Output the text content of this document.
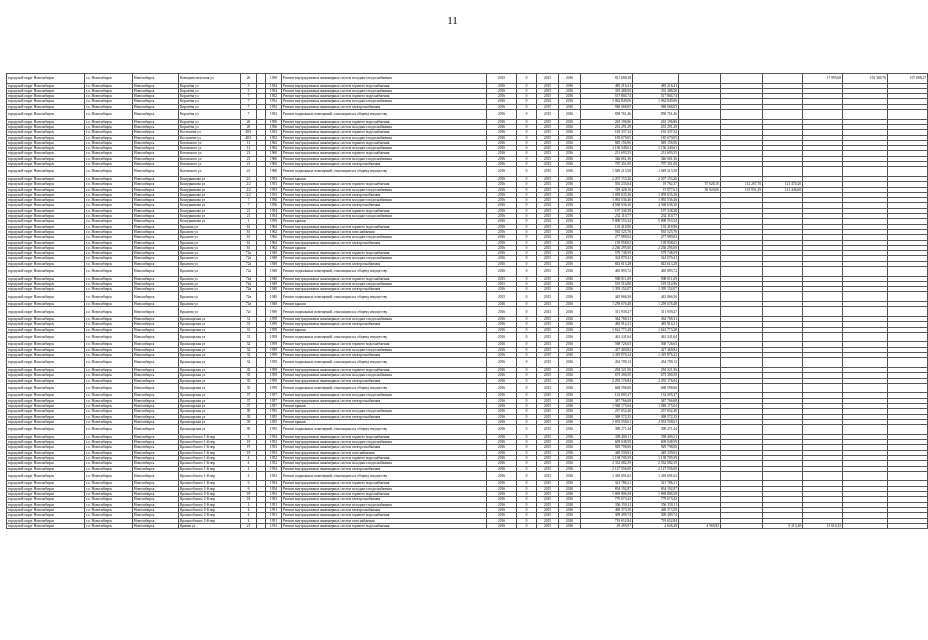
11
городской округ Новосибирск	г.о. Новосибирск	Новосибирск	Коммунистическая ул	26		1958	Ремонт внутридомовых инженерных систем холодного водоснабжения	2015	0	2015	2016	811 698,38					17 995,68	152 300,76	107 008,27
городской округ Новосибирск	г.о. Новосибирск	Новосибирск	Королёва ул	3		1954	Ремонт внутридомовых инженерных систем горячего водоснабжения	2016	0	2015	2016	485 216,41	485 216,41						
городской округ Новосибирск	г.о. Новосибирск	Новосибирск	Королёва ул	5		1954	Ремонт внутридомовых инженерных систем холодного водоснабжения	2016	0	2015	2016	355 488,56	355 488,56						
городской округ Новосибирск	г.о. Новосибирск	Новосибирск	Королёва ул	7		1952	Ремонт внутридомовых инженерных систем горячего водоснабжения	2016	0	2015	2016	517 804,74	517 804,74						
городской округ Новосибирск	г.о. Новосибирск	Новосибирск	Королёва ул	7		1952	Ремонт внутридомовых инженерных систем холодного водоснабжения	2016	0	2015	2016	1 062 849,06	1 062 849,06						
городской округ Новосибирск	г.о. Новосибирск	Новосибирск	Королёва ул	7		1952	Ремонт внутридомовых инженерных систем электроснабжения	2016	0	2015	2016	948 068,05	948 068,05						
городской округ Новосибирск	г.о. Новосибирск	Новосибирск	Королёва ул	7		1952	Ремонт подвальных помещений, относящихся к общему имуществу	2016	0	2015	2016	858 761,46	858 761,46						
городской округ Новосибирск	г.о. Новосибирск	Новосибирск	Королёва ул	26		1956	Ремонт внутридомовых инженерных систем горячего водоснабжения	2016	0	2015	2016	263 196,86	263 196,86						
городской округ Новосибирск	г.о. Новосибирск	Новосибирск	Королёва ул	26		1956	Ремонт внутридомовых инженерных систем холодного водоснабжения	2016	0	2015	2016	233 291,29	233 291,29						
городской округ Новосибирск	г.о. Новосибирск	Новосибирск	Костычева ул	48/1		1952	Ремонт внутридомовых инженерных систем горячего водоснабжения	2016	0	2015	2016	163 337,32	163 337,32						
городской округ Новосибирск	г.о. Новосибирск	Новосибирск	Костычева ул	48/1		1952	Ремонт внутридомовых инженерных систем холодного водоснабжения	2016	0	2015	2016	185 679,05	185 679,05						
городской округ Новосибирск	г.о. Новосибирск	Новосибирск	Котовского ул	13		1962	Ремонт внутридомовых инженерных систем горячего водоснабжения	2016	0	2015	2016	949 156,96	949 156,96						
городской округ Новосибирск	г.о. Новосибирск	Новосибирск	Котовского ул	13		1962	Ремонт внутридомовых инженерных систем холодного водоснабжения	2016	0	2015	2016	1 156 349,61	1 156 349,61						
городской округ Новосибирск	г.о. Новосибирск	Новосибирск	Котовского ул	21		1960	Ремонт внутридомовых инженерных систем горячего водоснабжения	2016	0	2015	2016	231 693,55	231 693,55						
городской округ Новосибирск	г.о. Новосибирск	Новосибирск	Котовского ул	21		1960	Ремонт внутридомовых инженерных систем холодного водоснабжения	2016	0	2015	2016	346 061,36	346 061,36						
городской округ Новосибирск	г.о. Новосибирск	Новосибирск	Котовского ул	21		1960	Ремонт внутридомовых инженерных систем электроснабжения	2016	0	2015	2016	797 351,00	797 351,00						
городской округ Новосибирск	г.о. Новосибирск	Новосибирск	Котовского ул	21		1960	Ремонт подвальных помещений, относящихся к общему имуществу	2016	0	2015	2016	1 049 213,58	1 049 213,58						
городской округ Новосибирск	г.о. Новосибирск	Новосибирск	Кошурникова ул	2/1		1953	Ремонт крыши	2016	0	2015	2016	2 207 153,26	2 207 153,26						
городской округ Новосибирск	г.о. Новосибирск	Новосибирск	Кошурникова ул	2/2		1953	Ремонт внутридомовых инженерных систем горячего водоснабжения	2016	0	2015	2016	592 235,64	19 762,37	57 628,10	112 267,70	121 470,20			
городской округ Новосибирск	г.о. Новосибирск	Новосибирск	Кошурникова ул	2/2		1953	Ремонт внутридомовых инженерных систем холодного водоснабжения	2016	0	2015	2016	319 428,16	15 977,61	56 920,06	115 951,29	121 446,68			
городской округ Новосибирск	г.о. Новосибирск	Новосибирск	Кошурникова ул	2/2		1953	Ремонт внутридомовых инженерных систем электроснабжения	2016	0	2015	2016	1 059 635,36	1 059 635,36						
городской округ Новосибирск	г.о. Новосибирск	Новосибирск	Кошурникова ул	7		1956	Ремонт внутридомовых инженерных систем холодного водоснабжения	2016	0	2015	2016	1 092 536,46	1 092 536,46						
городской округ Новосибирск	г.о. Новосибирск	Новосибирск	Кошурникова ул	7		1956	Ремонт внутридомовых инженерных систем электроснабжения	2016	0	2015	2016	4 568 636,36	4 568 636,36						
городской округ Новосибирск	г.о. Новосибирск	Новосибирск	Кошурникова ул	21		1954	Ремонт внутридомовых инженерных систем горячего водоснабжения	2016	0	2015	2016	197 338,38	197 338,38						
городской округ Новосибирск	г.о. Новосибирск	Новосибирск	Кошурникова ул	21		1954	Ремонт внутридомовых инженерных систем холодного водоснабжения	2016	0	2015	2016	232 110,77	232 110,77						
городской округ Новосибирск	г.о. Новосибирск	Новосибирск	Кошурникова ул	1		1959	Ремонт крыши	2016	0	2015	2016	5 808 553,34	5 808 553,34						
городской округ Новосибирск	г.о. Новосибирск	Новосибирск	Крылова ул	61		1962	Ремонт внутридомовых инженерных систем горячего водоснабжения	2016	0	2015	2016	135 418,96	135 418,96						
городской округ Новосибирск	г.о. Новосибирск	Новосибирск	Крылова ул	61		1962	Ремонт внутридомовых инженерных систем газоснабжения	2016	0	2015	2016	592 525,76	592 525,76						
городской округ Новосибирск	г.о. Новосибирск	Новосибирск	Крылова ул	61		1962	Ремонт внутридомовых инженерных систем холодного водоснабжения	2016	0	2015	2016	277 989,02	277 989,02						
городской округ Новосибирск	г.о. Новосибирск	Новосибирск	Крылова ул	61		1962	Ремонт внутридомовых инженерных систем электроснабжения	2016	0	2015	2016	139 958,02	139 958,02						
городской округ Новосибирск	г.о. Новосибирск	Новосибирск	Крылова ул	61		1962	Ремонт крыши	2016	0	2015	2016	2 236 295,00	2 236 295,00						
городской округ Новосибирск	г.о. Новосибирск	Новосибирск	Крылова ул	72а		1949	Ремонт внутридомовых инженерных систем горячего водоснабжения	2016	0	2015	2016	579 748,59	579 748,59						
городской округ Новосибирск	г.о. Новосибирск	Новосибирск	Крылова ул	72а		1949	Ремонт внутридомовых инженерных систем холодного водоснабжения	2016	0	2015	2016	324 079,41	324 079,41						
городской округ Новосибирск	г.о. Новосибирск	Новосибирск	Крылова ул	72а		1949	Ремонт внутридомовых инженерных систем электроснабжения	2016	0	2015	2016	843 613,28	843 613,28						
городской округ Новосибирск	г.о. Новосибирск	Новосибирск	Крылова ул	72а		1949	Ремонт подвальных помещений, относящихся к общему имуществу	2016	0	2015	2016	465 893,72	465 893,72						
городской округ Новосибирск	г.о. Новосибирск	Новосибирск	Крылова ул	72в		1949	Ремонт внутридомовых инженерных систем горячего водоснабжения	2015	0	2015	2016	908 011,69	908 011,69						
городской округ Новосибирск	г.о. Новосибирск	Новосибирск	Крылова ул	72в		1949	Ремонт внутридомовых инженерных систем холодного водоснабжения	2015	0	2015	2016	519 514,96	519 514,96						
городской округ Новосибирск	г.о. Новосибирск	Новосибирск	Крылова ул	72в		1949	Ремонт внутридомовых инженерных систем электроснабжения	2016	0	2015	2016	1 395 152,07	1 395 152,07						
городской округ Новосибирск	г.о. Новосибирск	Новосибирск	Крылова ул	72в		1949	Ремонт подвальных помещений, относящихся к общему имуществу	2015	0	2015	2016	445 866,56	445 866,56						
городской округ Новосибирск	г.о. Новосибирск	Новосибирск	Крылова ул	72в		1949	Ремонт крыши	2016	0	2015	2016	1 259 676,48	1 259 676,48						
городской округ Новосибирск	г.о. Новосибирск	Новосибирск	Крылова ул	72г		1950	Ремонт подвальных помещений, относящихся к общему имуществу	2016	0	2015	2016	311 939,27	311 939,27						
городской округ Новосибирск	г.о. Новосибирск	Новосибирск	Красноярская ул	31		1959	Ремонт внутридомовых инженерных систем холодного водоснабжения	2016	0	2015	2016	364 768,31	364 768,31						
городской округ Новосибирск	г.о. Новосибирск	Новосибирск	Красноярская ул	31		1959	Ремонт внутридомовых инженерных систем электроснабжения	2016	0	2015	2016	483 914,21	483 914,21						
городской округ Новосибирск	г.о. Новосибирск	Новосибирск	Красноярская ул	31		1959	Ремонт крыши	2016	0	2015	2016	1 622 773,28	1 622 773,28						
городской округ Новосибирск	г.о. Новосибирск	Новосибирск	Красноярская ул	31		1959	Ремонт подвальных помещений, относящихся к общему имуществу	2016	0	2015	2016	461 241,64	461 241,64						
городской округ Новосибирск	г.о. Новосибирск	Новосибирск	Красноярская ул	32		1959	Ремонт внутридомовых инженерных систем горячего водоснабжения	2016	0	2015	2016	568 726,65	568 726,65						
городской округ Новосибирск	г.о. Новосибирск	Новосибирск	Красноярская ул	32		1959	Ремонт внутридомовых инженерных систем холодного водоснабжения	2016	0	2015	2016	427 469,82	427 469,82						
городской округ Новосибирск	г.о. Новосибирск	Новосибирск	Красноярская ул	32		1959	Ремонт внутридомовых инженерных систем электроснабжения	2016	0	2015	2016	1 419 876,22	1 419 876,22						
городской округ Новосибирск	г.о. Новосибирск	Новосибирск	Красноярская ул	32		1959	Ремонт подвальных помещений, относящихся к общему имуществу	2016	0	2015	2016	434 709,13	434 709,13						
городской округ Новосибирск	г.о. Новосибирск	Новосибирск	Красноярская ул	35		1959	Ремонт внутридомовых инженерных систем горячего водоснабжения	2016	0	2015	2016	294 321,56	294 321,56						
городской округ Новосибирск	г.о. Новосибирск	Новосибирск	Красноярская ул	35		1959	Ремонт внутридомовых инженерных систем холодного водоснабжения	2016	0	2015	2016	675 390,50	675 390,50						
городской округ Новосибирск	г.о. Новосибирск	Новосибирск	Красноярская ул	35		1959	Ремонт внутридомовых инженерных систем электроснабжения	2016	0	2015	2016	2 293 176,84	2 293 176,84						
городской округ Новосибирск	г.о. Новосибирск	Новосибирск	Красноярская ул	35		1959	Ремонт подвальных помещений, относящихся к общему имуществу	2016	0	2015	2016	668 598,68	668 598,68						
городской округ Новосибирск	г.о. Новосибирск	Новосибирск	Красноярская ул	37		1957	Ремонт внутридомовых инженерных систем холодного водоснабжения	2016	0	2015	2016	132 695,27	132 695,27						
городской округ Новосибирск	г.о. Новосибирск	Новосибирск	Красноярская ул	37		1957	Ремонт внутридомовых инженерных систем электроснабжения	2016	0	2015	2016	367 766,68	367 766,68						
городской округ Новосибирск	г.о. Новосибирск	Новосибирск	Красноярская ул	37		1957	Ремонт крыши	2016	0	2015	2016	1 948 175,04	1 948 175,04						
городской округ Новосибирск	г.о. Новосибирск	Новосибирск	Красноярская ул	39		1955	Ремонт внутридомовых инженерных систем холодного водоснабжения	2016	0	2015	2016	237 652,46	237 652,46						
городской округ Новосибирск	г.о. Новосибирск	Новосибирск	Красноярская ул	39		1955	Ремонт внутридомовых инженерных систем электроснабжения	2016	0	2015	2016	369 572,35	369 572,35						
городской округ Новосибирск	г.о. Новосибирск	Новосибирск	Красноярская ул	39		1955	Ремонт крыши	2016	0	2015	2016	2 053 558,61	2 053 558,61						
городской округ Новосибирск	г.о. Новосибирск	Новосибирск	Красноярская ул	39		1955	Ремонт подвальных помещений, относящихся к общему имуществу	2016	0	2015	2016	399 271,44	399 271,44						
городской округ Новосибирск	г.о. Новосибирск	Новосибирск	Краснообского 1-й пер	3		1952	Ремонт внутридомовых инженерных систем горячего водоснабжения	2016	0	2015	2016	358 400,11	358 400,11						
городской округ Новосибирск	г.о. Новосибирск	Новосибирск	Краснообского 1-й пер	19		1952	Ремонт внутридомовых инженерных систем холодного водоснабжения	2016	0	2015	2016	609 048,59	609 048,59						
городской округ Новосибирск	г.о. Новосибирск	Новосибирск	Краснообского 1-й пер	19		1953	Ремонт внутридомовых инженерных систем электроснабжения	2016	0	2015	2016	929 798,06	929 798,06						
городской округ Новосибирск	г.о. Новосибирск	Новосибирск	Краснообского 1-й пер	19		1953	Ремонт внутридомовых инженерных систем газоснабжения	2016	0	2015	2016	449 339,63	449 339,63						
городской округ Новосибирск	г.о. Новосибирск	Новосибирск	Краснообского 1-й пер	4		1952	Ремонт внутридомовых инженерных систем горячего водоснабжения	2016	0	2015	2016	1 138 709,39	1 138 709,39						
городской округ Новосибирск	г.о. Новосибирск	Новосибирск	Краснообского 1-й пер	4		1952	Ремонт внутридомовых инженерных систем холодного водоснабжения	2016	0	2015	2016	2 332 082,59	2 332 082,59						
городской округ Новосибирск	г.о. Новосибирск	Новосибирск	Краснообского 1-й пер	4		1952	Ремонт внутридомовых инженерных систем электроснабжения	2016	0	2015	2016	2 127 556,00	2 127 556,00						
городской округ Новосибирск	г.о. Новосибирск	Новосибирск	Краснообского 1-й пер	4		1952	Ремонт подвальных помещений, относящихся к общему имуществу	2016	0	2015	2016	1 418 691,62	1 418 691,62						
городской округ Новосибирск	г.о. Новосибирск	Новосибирск	Краснообского 1-й пер	6		1954	Ремонт внутридомовых инженерных систем горячего водоснабжения	2016	0	2015	2016	321 786,21	321 786,21						
городской округ Новосибирск	г.о. Новосибирск	Новосибирск	Краснообского 2-й пер	6		1954	Ремонт внутридомовых инженерных систем холодного водоснабжения	2016	0	2015	2016	834 192,87	834 192,87						
городской округ Новосибирск	г.о. Новосибирск	Новосибирск	Краснообского 2-й пер	18		1953	Ремонт внутридомовых инженерных систем горячего водоснабжения	2016	0	2015	2016	1 069 806,58	1 069 806,58						
городской округ Новосибирск	г.о. Новосибирск	Новосибирск	Краснообского 2-й пер	18		1953	Ремонт внутридомовых инженерных систем электроснабжения	2016	0	2015	2016	779 673,42	779 673,42						
городской округ Новосибирск	г.о. Новосибирск	Новосибирск	Краснообского 2-й пер	4		1951	Ремонт внутридомовых инженерных систем холодного водоснабжения	2016	0	2015	2016	356 150,11	356 150,11						
городской округ Новосибирск	г.о. Новосибирск	Новосибирск	Краснообского 2-й пер	4		1951	Ремонт внутридомовых инженерных систем электроснабжения	2016	0	2015	2016	469 373,50	469 373,50						
городской округ Новосибирск	г.о. Новосибирск	Новосибирск	Краснообского 2-й пер	4		1951	Ремонт внутридомовых инженерных систем горячего водоснабжения	2016	0	2015	2016	309 499,74	309 499,74						
городской округ Новосибирск	г.о. Новосибирск	Новосибирск	Краснообского 2-й пер	4		1951	Ремонт внутридомовых инженерных систем газоснабжения	2016	0	2015	2016	719 652,84	719 652,84						
городской округ Новосибирск	г.о. Новосибирск	Новосибирск	Кривая ул	21		1913	Ремонт внутридомовых инженерных систем горячего водоснабжения	2016	0	2015	2016	29 495,87	2 626,28	4 569,82		9 313,20	13 616,32		
